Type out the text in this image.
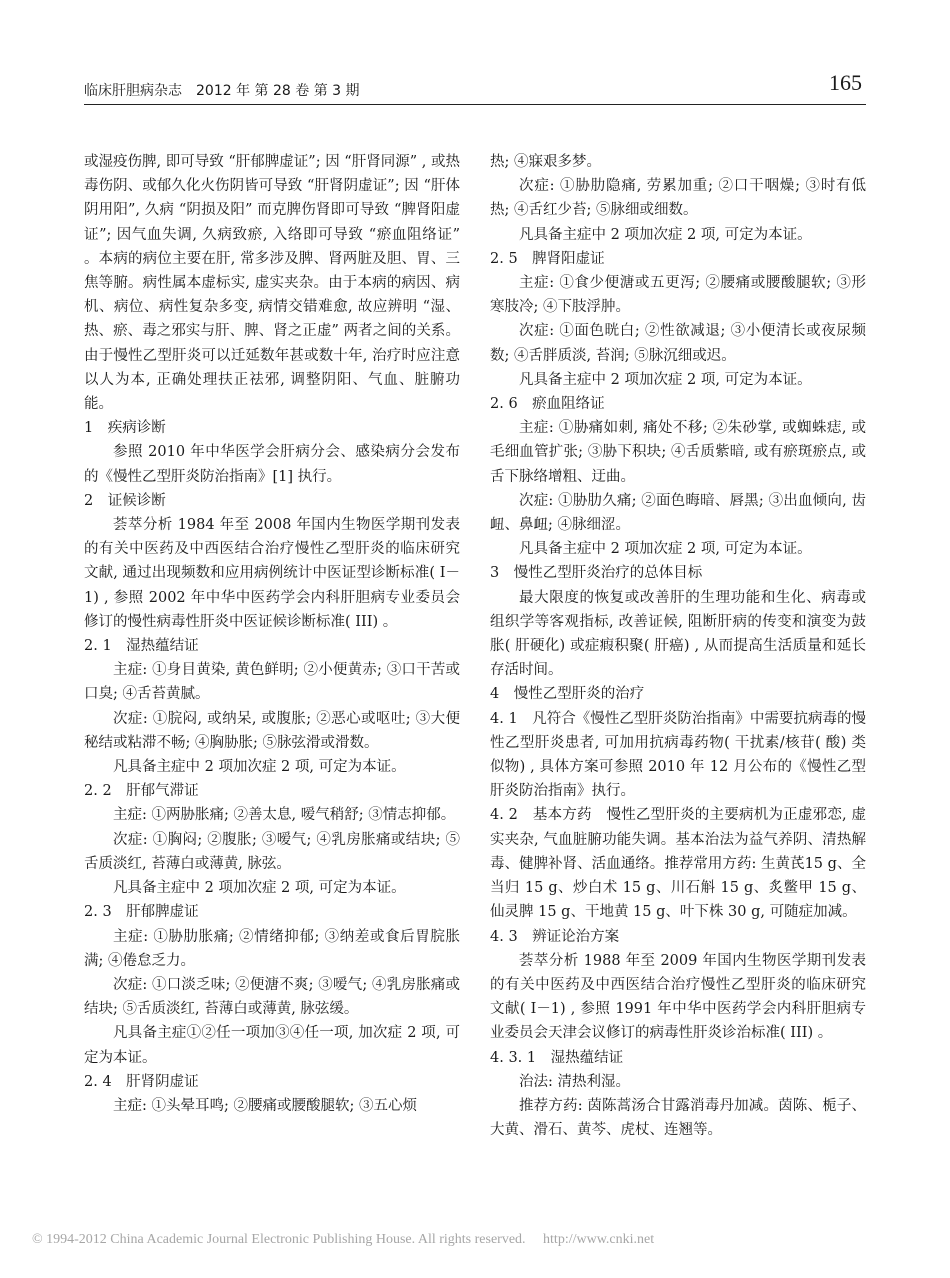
临床肝胆病杂志　2012 年 第 28 卷 第 3 期	165

或湿疫伤脾, 即可导致 “肝郁脾虚证”; 因 “肝肾同源” , 或热毒伤阴、或郁久化火伤阴皆可导致 “肝肾阴虚证”; 因 “肝体阴用阳”, 久病 “阴损及阳” 而克脾伤肾即可导致 “脾肾阳虚证”; 因气血失调, 久病致瘀, 入络即可导致 “瘀血阻络证” 。本病的病位主要在肝, 常多涉及脾、肾两脏及胆、胃、三焦等腑。病性属本虚标实, 虚实夹杂。由于本病的病因、病机、病位、病性复杂多变, 病情交错难愈, 故应辨明 “湿、热、瘀、毒之邪实与肝、脾、肾之正虚” 两者之间的关系。由于慢性乙型肝炎可以迁延数年甚或数十年, 治疗时应注意以人为本, 正确处理扶正祛邪, 调整阴阳、气血、脏腑功能。

1　疾病诊断

参照 2010 年中华医学会肝病分会、感染病分会发布的《慢性乙型肝炎防治指南》[1] 执行。

2　证候诊断

荟萃分析 1984 年至 2008 年国内生物医学期刊发表的有关中医药及中西医结合治疗慢性乙型肝炎的临床研究文献, 通过出现频数和应用病例统计中医证型诊断标准( I－1) , 参照 2002 年中华中医药学会内科肝胆病专业委员会修订的慢性病毒性肝炎中医证候诊断标准( III) 。

2. 1　湿热蕴结证

主症: ①身目黄染, 黄色鲜明; ②小便黄赤; ③口干苦或口臭; ④舌苔黄腻。

次症: ①脘闷, 或纳呆, 或腹胀; ②恶心或呕吐; ③大便秘结或粘滞不畅; ④胸胁胀; ⑤脉弦滑或滑数。

凡具备主症中 2 项加次症 2 项, 可定为本证。

2. 2　肝郁气滞证

主症: ①两胁胀痛; ②善太息, 嗳气稍舒; ③情志抑郁。

次症: ①胸闷; ②腹胀; ③嗳气; ④乳房胀痛或结块; ⑤舌质淡红, 苔薄白或薄黄, 脉弦。

凡具备主症中 2 项加次症 2 项, 可定为本证。

2. 3　肝郁脾虚证

主症: ①胁肋胀痛; ②情绪抑郁; ③纳差或食后胃脘胀满; ④倦怠乏力。

次症: ①口淡乏味; ②便溏不爽; ③嗳气; ④乳房胀痛或结块; ⑤舌质淡红, 苔薄白或薄黄, 脉弦缓。

凡具备主症①②任一项加③④任一项, 加次症 2 项, 可定为本证。

2. 4　肝肾阴虚证

主症: ①头晕耳鸣; ②腰痛或腰酸腿软; ③五心烦

热; ④寐艰多梦。

次症: ①胁肋隐痛, 劳累加重; ②口干咽燥; ③时有低热; ④舌红少苔; ⑤脉细或细数。

凡具备主症中 2 项加次症 2 项, 可定为本证。

2. 5　脾肾阳虚证

主症: ①食少便溏或五更泻; ②腰痛或腰酸腿软; ③形寒肢冷; ④下肢浮肿。

次症: ①面色晄白; ②性欲减退; ③小便清长或夜尿频数; ④舌胖质淡, 苔润; ⑤脉沉细或迟。

凡具备主症中 2 项加次症 2 项, 可定为本证。

2. 6　瘀血阻络证

主症: ①胁痛如刺, 痛处不移; ②朱砂掌, 或蜘蛛痣, 或毛细血管扩张; ③胁下积块; ④舌质紫暗, 或有瘀斑瘀点, 或舌下脉络增粗、迂曲。

次症: ①胁肋久痛; ②面色晦暗、唇黑; ③出血倾向, 齿衄、鼻衄; ④脉细涩。

凡具备主症中 2 项加次症 2 项, 可定为本证。

3　慢性乙型肝炎治疗的总体目标

最大限度的恢复或改善肝的生理功能和生化、病毒或组织学等客观指标, 改善证候, 阻断肝病的传变和演变为鼓胀( 肝硬化) 或症瘕积聚( 肝癌) , 从而提高生活质量和延长存活时间。

4　慢性乙型肝炎的治疗

4. 1　凡符合《慢性乙型肝炎防治指南》中需要抗病毒的慢性乙型肝炎患者, 可加用抗病毒药物( 干扰素/核苷( 酸) 类似物) , 具体方案可参照 2010 年 12 月公布的《慢性乙型肝炎防治指南》执行。

4. 2　基本方药　慢性乙型肝炎的主要病机为正虚邪恋, 虚实夹杂, 气血脏腑功能失调。基本治法为益气养阴、清热解毒、健脾补肾、活血通络。推荐常用方药: 生黄芪15 g、全当归 15 g、炒白术 15 g、川石斛 15 g、炙鳖甲 15 g、仙灵脾 15 g、干地黄 15 g、叶下株 30 g, 可随症加减。

4. 3　辨证论治方案

荟萃分析 1988 年至 2009 年国内生物医学期刊发表的有关中医药及中西医结合治疗慢性乙型肝炎的临床研究文献( I－1) , 参照 1991 年中华中医药学会内科肝胆病专业委员会天津会议修订的病毒性肝炎诊治标准( III) 。

4. 3. 1　湿热蕴结证

治法: 清热利湿。

推荐方药: 茵陈蒿汤合甘露消毒丹加减。茵陈、栀子、大黄、滑石、黄芩、虎杖、连翘等。

© 1994-2012 China Academic Journal Electronic Publishing House. All rights reserved.　 http://www.cnki.net
